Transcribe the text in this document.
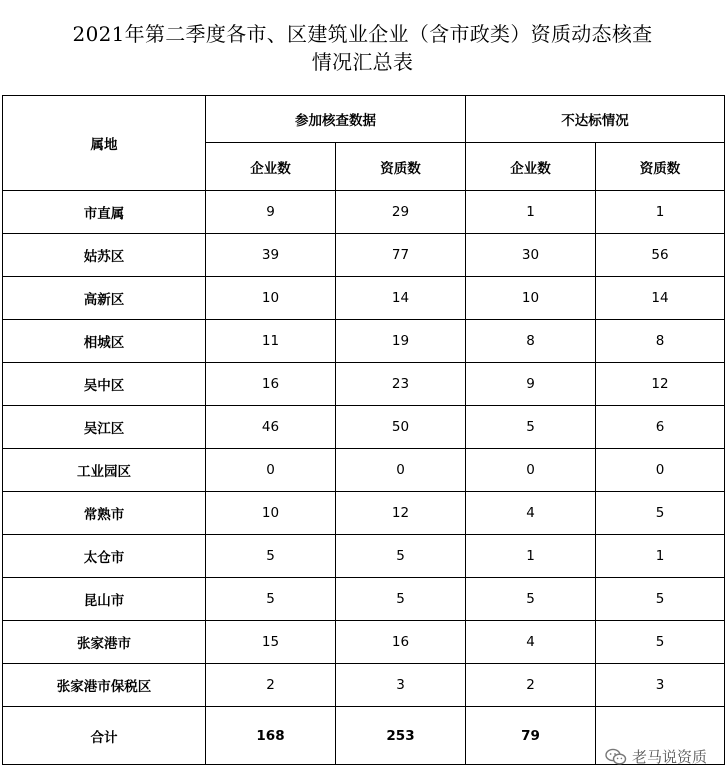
2021年第二季度各市、区建筑业企业（含市政类）资质动态核查
情况汇总表
属地	参加核查数据		不达标情况	
	企业数	资质数	企业数	资质数
市直属	9	29	1	1
姑苏区	39	77	30	56
高新区	10	14	10	14
相城区	11	19	8	8
吴中区	16	23	9	12
吴江区	46	50	5	6
工业园区	0	0	0	0
常熟市	10	12	4	5
太仓市	5	5	1	1
昆山市	5	5	5	5
张家港市	15	16	4	5
张家港市保税区	2	3	2	3
合计	168	253	79	
老马说资质
